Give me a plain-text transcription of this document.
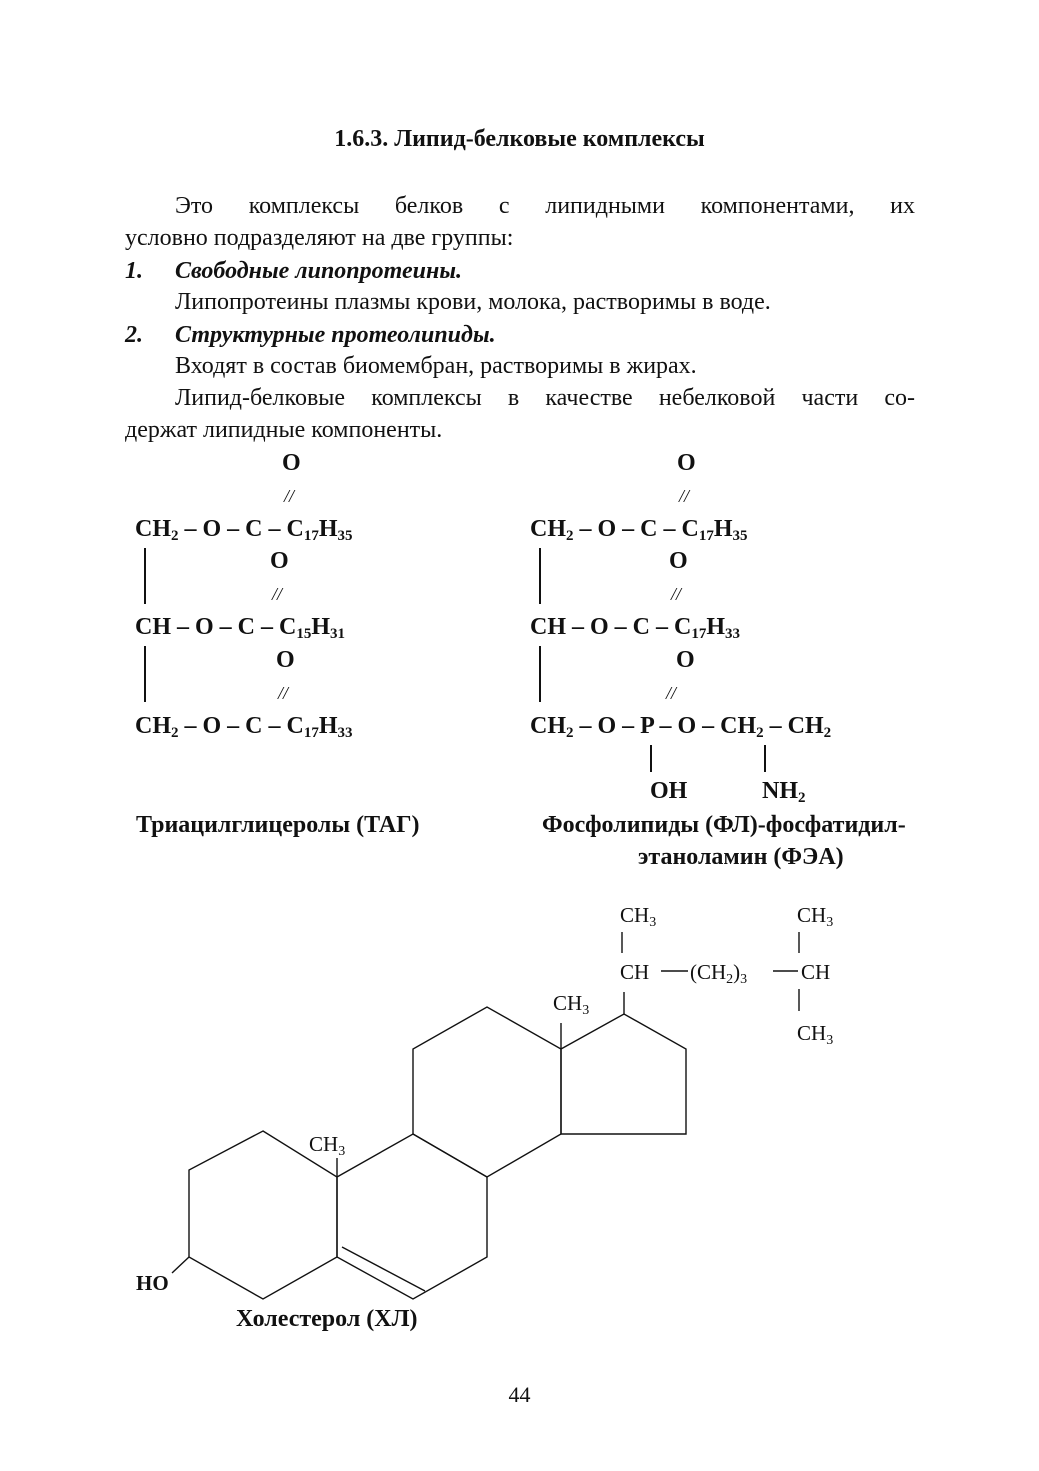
1.6.3. Липид-белковые комплексы
Это комплексы белков с липидными компонентами, их
условно подразделяют на две группы:
1. Свободные липопротеины.
Липопротеины плазмы крови, молока, растворимы в воде.
2. Структурные протеолипиды.
Входят в состав биомембран, растворимы в жирах.
Липид-белковые комплексы в качестве небелковой части со-
держат липидные компоненты.
O
//
$CH_2$ – O – C – $C_{17}H_{35}$
O
//
CH – O – C – $C_{15}H_{31}$
O
//
$CH_2$ – O – C – $C_{17}H_{33}$
Триацилглицеролы (ТАГ)
O
//
$CH_2$ – O – C – $C_{17}H_{35}$
O
//
CH – O – C – $C_{17}H_{33}$
O
//
$CH_2$ – O – P – O – $CH_2 - CH_2$
OH	$NH_2$
Фосфолипиды (ФЛ)-фосфатидил-
этаноламин (ФЭА)
$CH_3$	$CH_3$
CH $(CH_2)_3$	CH
$CH_3$
$CH_3$
$CH_3$
HO
Холестерол (ХЛ)
44
